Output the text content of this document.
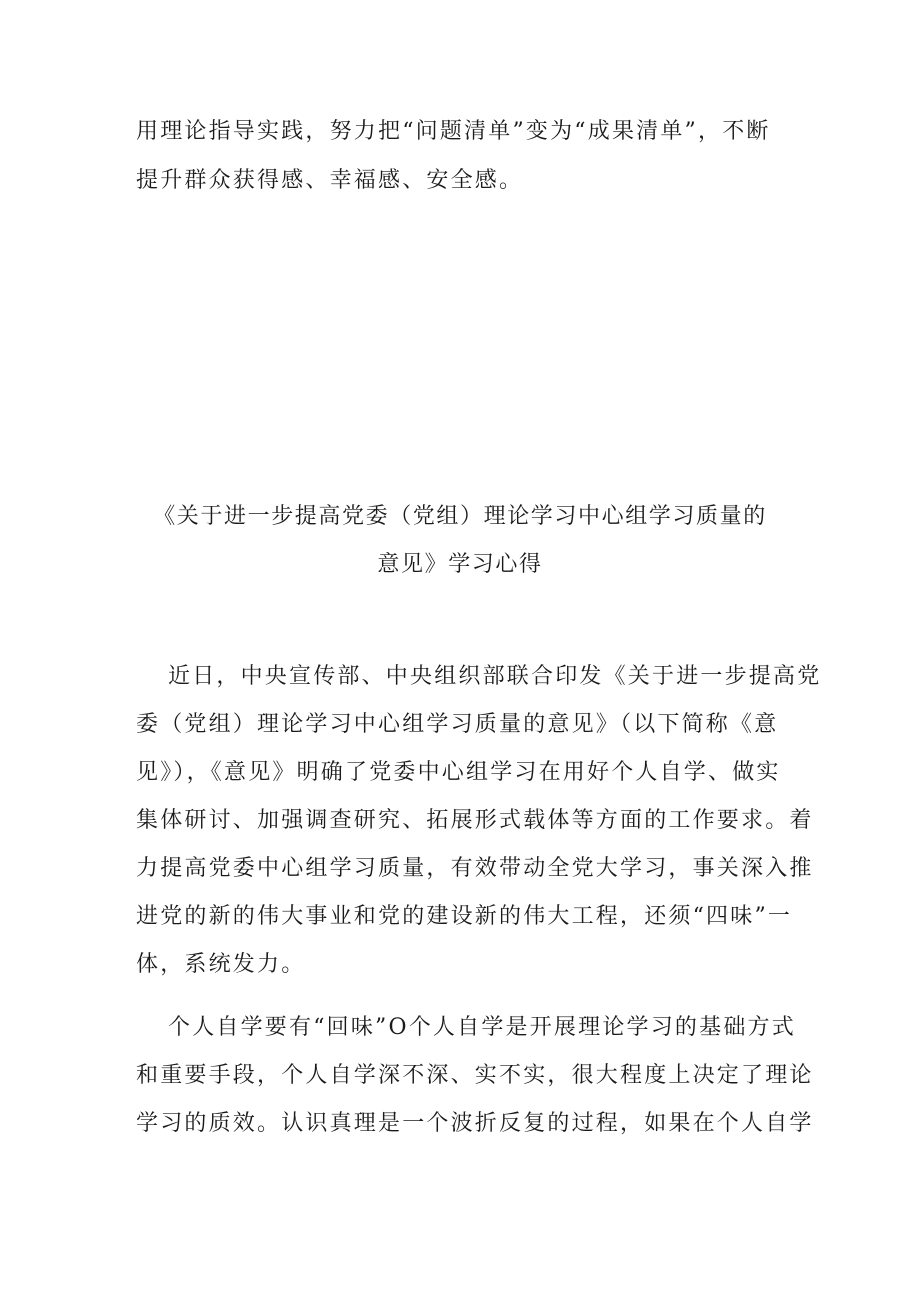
用理论指导实践，努力把“问题清单”变为“成果清单”，不断
提升群众获得感、幸福感、安全感。
《关于进一步提高党委（党组）理论学习中心组学习质量的
意见》学习心得
近日，中央宣传部、中央组织部联合印发《关于进一步提高党
委（党组）理论学习中心组学习质量的意见》（以下简称《意
见》），《意见》明确了党委中心组学习在用好个人自学、做实
集体研讨、加强调查研究、拓展形式载体等方面的工作要求。着
力提高党委中心组学习质量，有效带动全党大学习，事关深入推
进党的新的伟大事业和党的建设新的伟大工程，还须“四味”一
体，系统发力。
个人自学要有“回味”O个人自学是开展理论学习的基础方式
和重要手段，个人自学深不深、实不实，很大程度上决定了理论
学习的质效。认识真理是一个波折反复的过程，如果在个人自学
